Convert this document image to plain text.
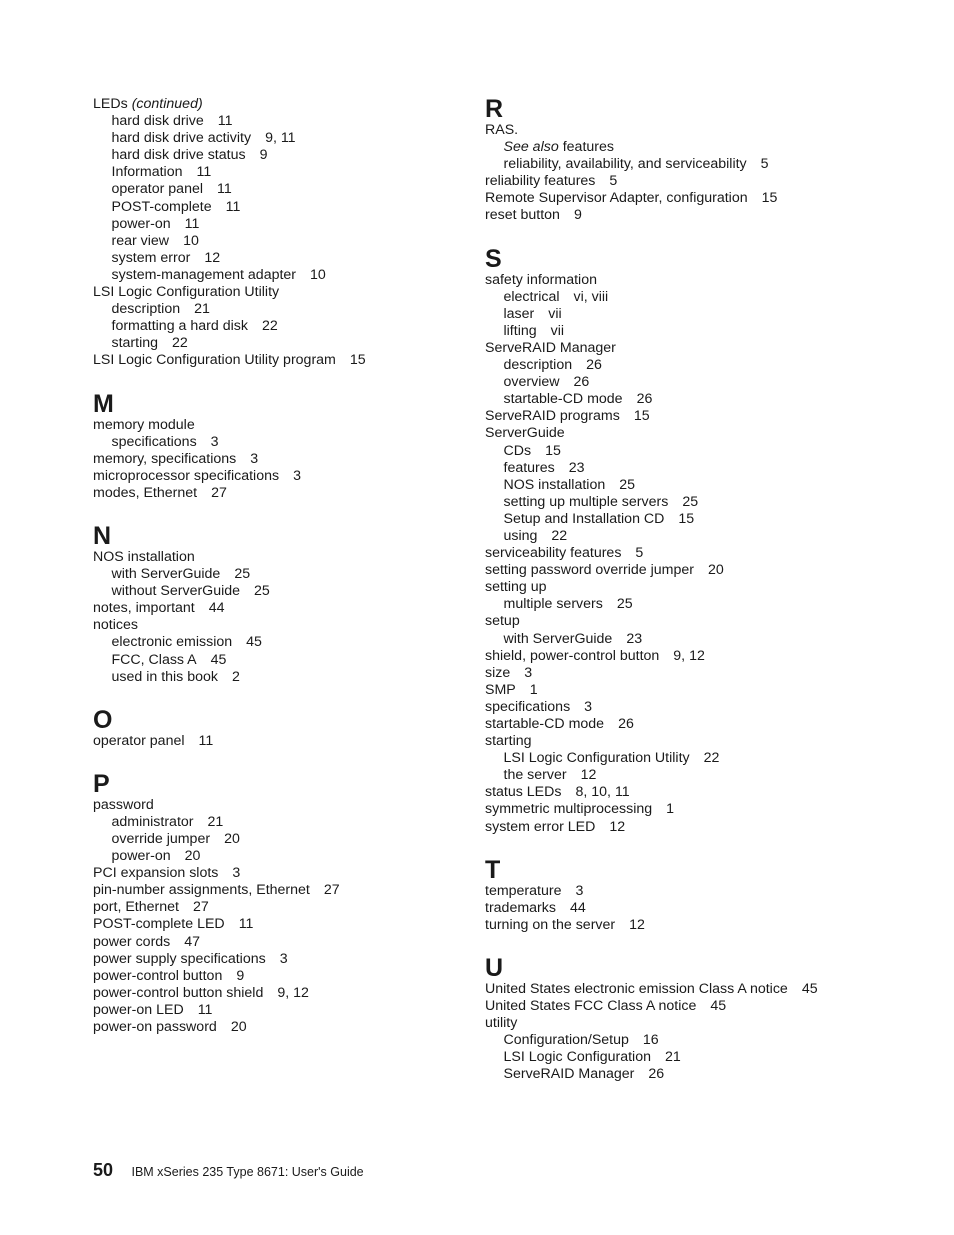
LEDs (continued)
hard disk drive 11
hard disk drive activity 9, 11
hard disk drive status 9
Information 11
operator panel 11
POST-complete 11
power-on 11
rear view 10
system error 12
system-management adapter 10
LSI Logic Configuration Utility
description 21
formatting a hard disk 22
starting 22
LSI Logic Configuration Utility program 15
M
memory module
specifications 3
memory, specifications 3
microprocessor specifications 3
modes, Ethernet 27
N
NOS installation
with ServerGuide 25
without ServerGuide 25
notes, important 44
notices
electronic emission 45
FCC, Class A 45
used in this book 2
O
operator panel 11
P
password
administrator 21
override jumper 20
power-on 20
PCI expansion slots 3
pin-number assignments, Ethernet 27
port, Ethernet 27
POST-complete LED 11
power cords 47
power supply specifications 3
power-control button 9
power-control button shield 9, 12
power-on LED 11
power-on password 20
R
RAS.
See also features
reliability, availability, and serviceability 5
reliability features 5
Remote Supervisor Adapter, configuration 15
reset button 9
S
safety information
electrical vi, viii
laser vii
lifting vii
ServeRAID Manager
description 26
overview 26
startable-CD mode 26
ServeRAID programs 15
ServerGuide
CDs 15
features 23
NOS installation 25
setting up multiple servers 25
Setup and Installation CD 15
using 22
serviceability features 5
setting password override jumper 20
setting up
multiple servers 25
setup
with ServerGuide 23
shield, power-control button 9, 12
size 3
SMP 1
specifications 3
startable-CD mode 26
starting
LSI Logic Configuration Utility 22
the server 12
status LEDs 8, 10, 11
symmetric multiprocessing 1
system error LED 12
T
temperature 3
trademarks 44
turning on the server 12
U
United States electronic emission Class A notice 45
United States FCC Class A notice 45
utility
Configuration/Setup 16
LSI Logic Configuration 21
ServeRAID Manager 26
50 IBM xSeries 235 Type 8671: User's Guide
